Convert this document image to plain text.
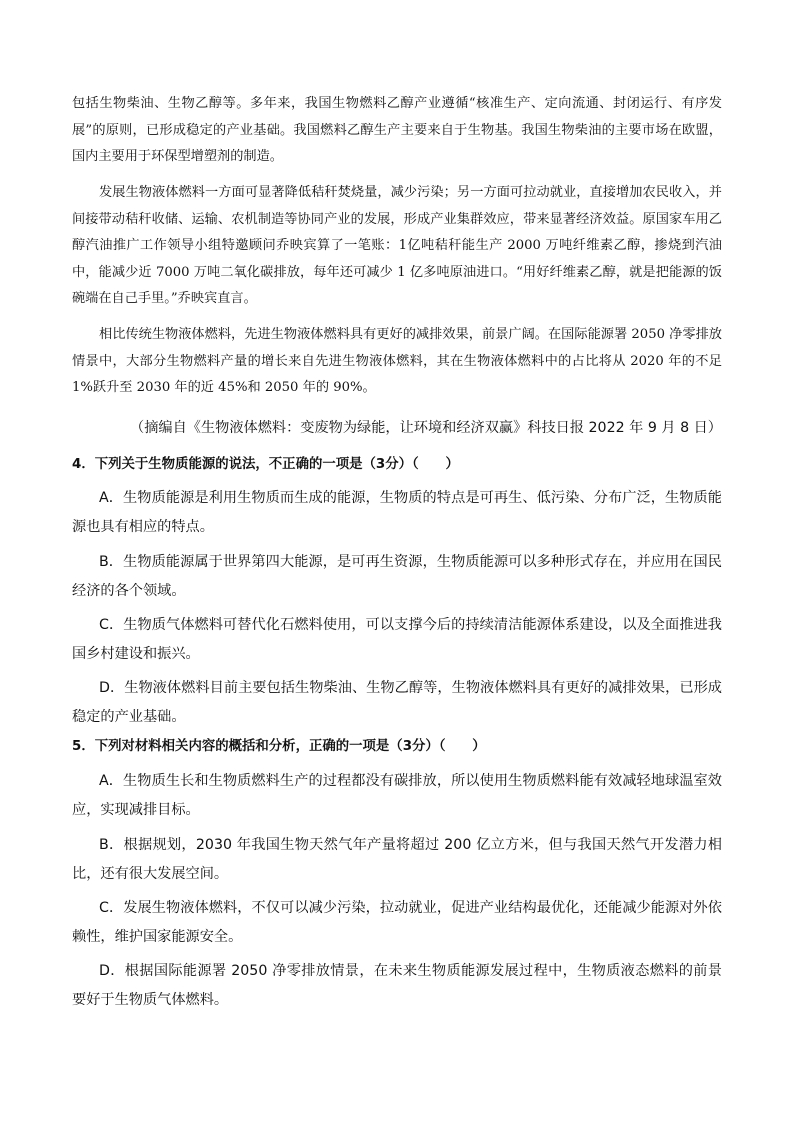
包括生物柴油、生物乙醇等。多年来，我国生物燃料乙醇产业遵循“核准生产、定向流通、封闭运行、有序发展”的原则，已形成稳定的产业基础。我国燃料乙醇生产主要来自于生物基。我国生物柴油的主要市场在欧盟，国内主要用于环保型增塑剂的制造。

发展生物液体燃料一方面可显著降低秸秆焚烧量，减少污染；另一方面可拉动就业，直接增加农民收入，并间接带动秸秆收储、运输、农机制造等协同产业的发展，形成产业集群效应，带来显著经济效益。原国家车用乙醇汽油推广工作领导小组特邀顾问乔映宾算了一笔账：1亿吨秸秆能生产 2000 万吨纤维素乙醇，掺烧到汽油中，能减少近 7000 万吨二氧化碳排放，每年还可减少 1 亿多吨原油进口。“用好纤维素乙醇，就是把能源的饭碗端在自己手里。”乔映宾直言。

相比传统生物液体燃料，先进生物液体燃料具有更好的减排效果，前景广阔。在国际能源署 2050 净零排放情景中，大部分生物燃料产量的增长来自先进生物液体燃料，其在生物液体燃料中的占比将从 2020 年的不足 1%跃升至 2030 年的近 45%和 2050 年的 90%。

（摘编自《生物液体燃料：变废物为绿能，让环境和经济双赢》科技日报 2022 年 9 月 8 日）

4．下列关于生物质能源的说法，不正确的一项是（3分）（　　）

A．生物质能源是利用生物质而生成的能源，生物质的特点是可再生、低污染、分布广泛，生物质能源也具有相应的特点。

B．生物质能源属于世界第四大能源，是可再生资源，生物质能源可以多种形式存在，并应用在国民经济的各个领域。

C．生物质气体燃料可替代化石燃料使用，可以支撑今后的持续清洁能源体系建设，以及全面推进我国乡村建设和振兴。

D．生物液体燃料目前主要包括生物柴油、生物乙醇等，生物液体燃料具有更好的减排效果，已形成稳定的产业基础。

5．下列对材料相关内容的概括和分析，正确的一项是（3分）（　　）

A．生物质生长和生物质燃料生产的过程都没有碳排放，所以使用生物质燃料能有效减轻地球温室效应，实现减排目标。

B．根据规划，2030 年我国生物天然气年产量将超过 200 亿立方米，但与我国天然气开发潜力相比，还有很大发展空间。

C．发展生物液体燃料，不仅可以减少污染，拉动就业，促进产业结构最优化，还能减少能源对外依赖性，维护国家能源安全。

D．根据国际能源署 2050 净零排放情景，在未来生物质能源发展过程中，生物质液态燃料的前景要好于生物质气体燃料。
